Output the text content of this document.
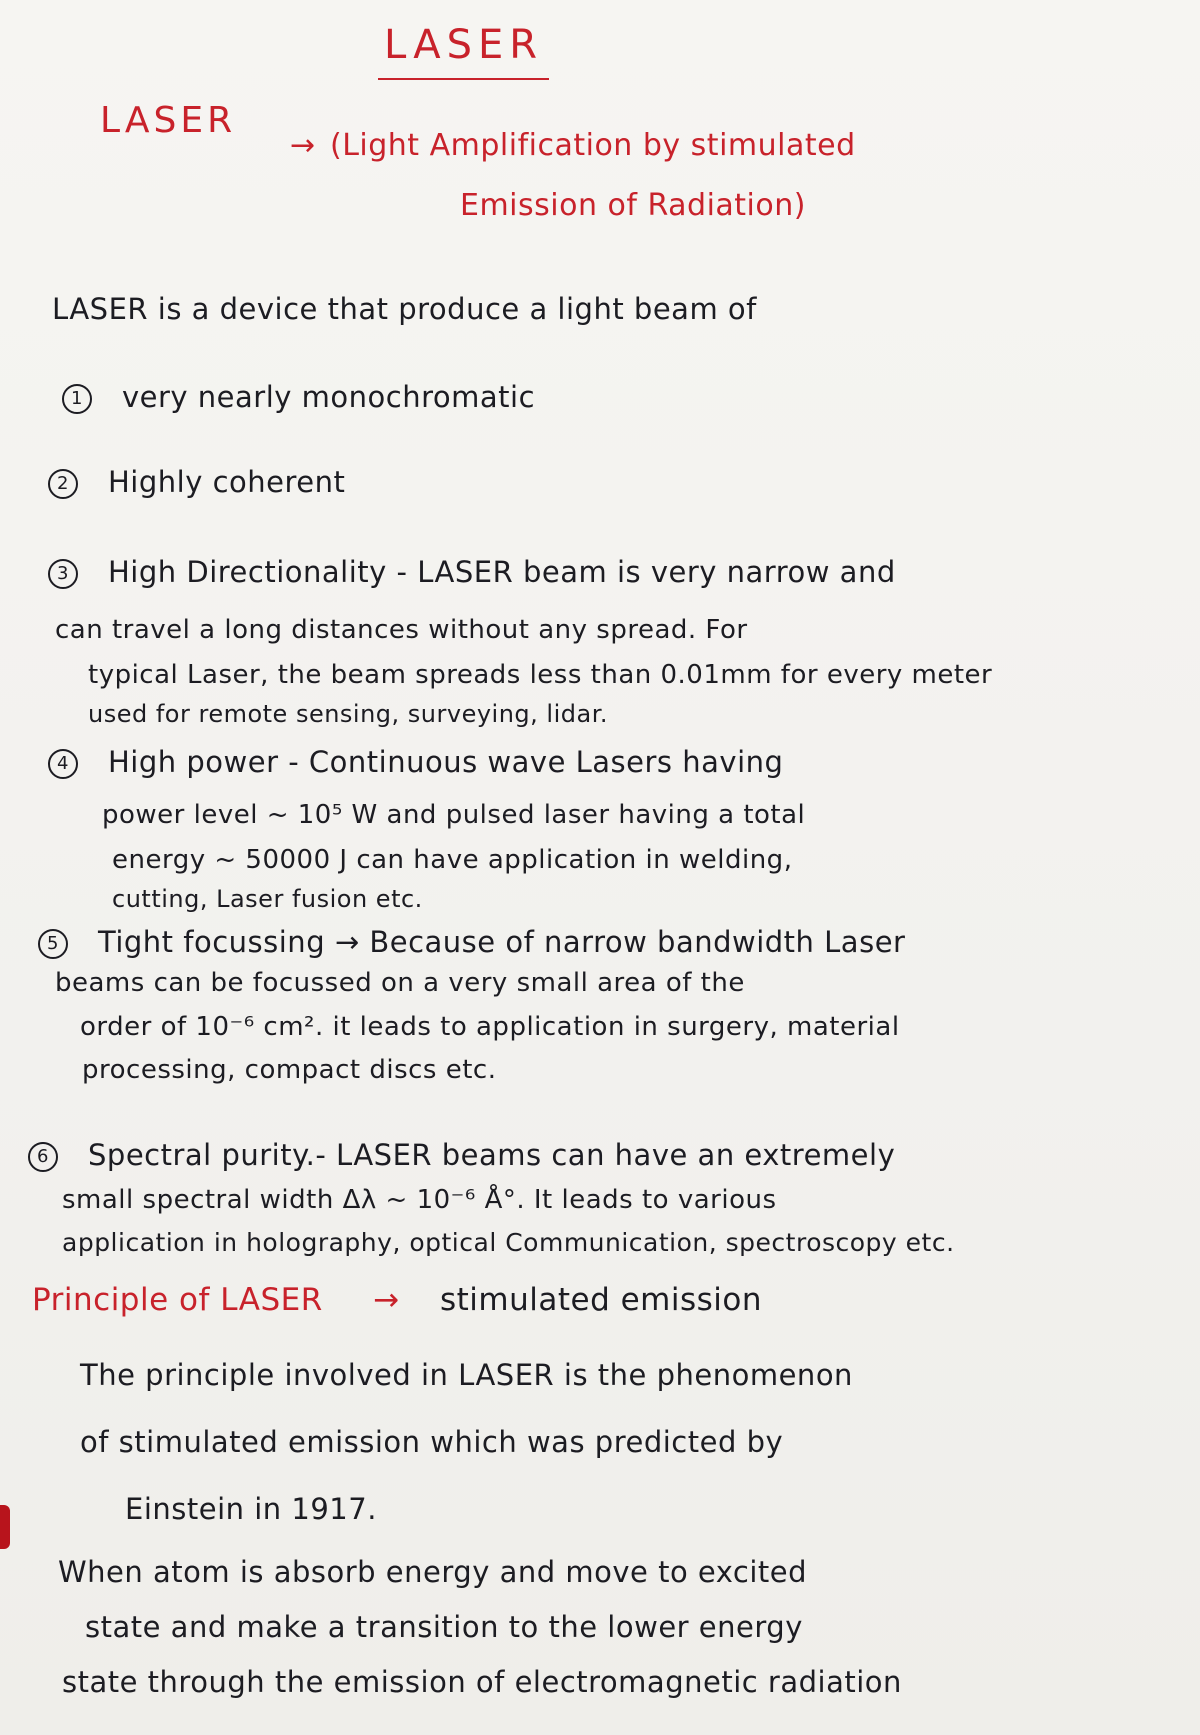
LASER
LASER
→ (Light Amplification by stimulated
Emission of Radiation)
LASER is a device that produce a light beam of
1 very nearly monochromatic
2 Highly coherent
3 High Directionality - LASER beam is very narrow and
can travel a long distances without any spread. For
typical Laser, the beam spreads less than 0.01mm for every meter
used for remote sensing, surveying, lidar.
4 High power - Continuous wave Lasers having
power level ~ 10⁵ W and pulsed laser having a total
energy ~ 50000 J can have application in welding,
cutting, Laser fusion etc.
5 Tight focussing → Because of narrow bandwidth Laser
beams can be focussed on a very small area of the
order of 10⁻⁶ cm². it leads to application in surgery, material
processing, compact discs etc.
6 Spectral purity.- LASER beams can have an extremely
small spectral width Δλ ~ 10⁻⁶ Å°. It leads to various
application in holography, optical Communication, spectroscopy etc.
Principle of LASER → stimulated emission
The principle involved in LASER is the phenomenon
of stimulated emission which was predicted by
Einstein in 1917.
When atom is absorb energy and move to excited
state and make a transition to the lower energy
state through the emission of electromagnetic radiation
